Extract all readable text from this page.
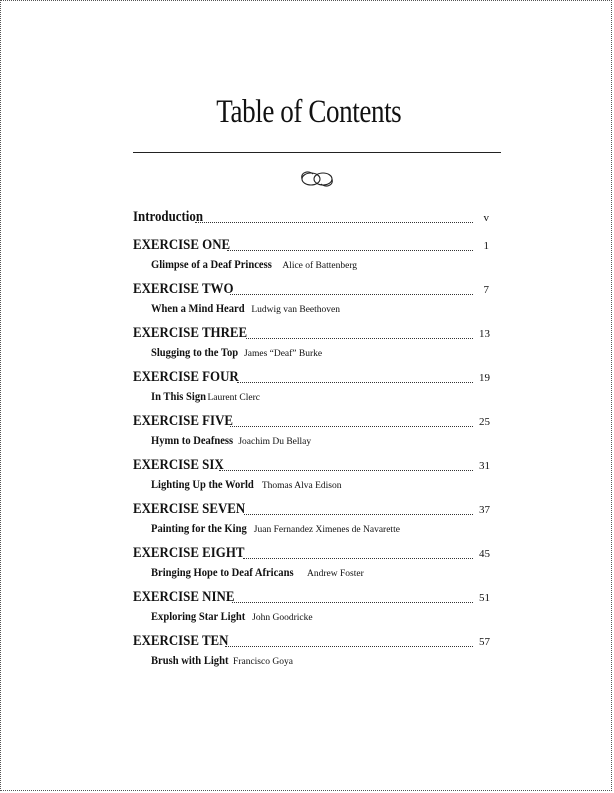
Table of Contents
Introduction	v
EXERCISE ONE	1
Glimpse of a Deaf Princess Alice of Battenberg
EXERCISE TWO	7
When a Mind Heard Ludwig van Beethoven
EXERCISE THREE	13
Slugging to the Top James “Deaf” Burke
EXERCISE FOUR	19
In This Sign Laurent Clerc
EXERCISE FIVE	25
Hymn to Deafness Joachim Du Bellay
EXERCISE SIX	31
Lighting Up the World Thomas Alva Edison
EXERCISE SEVEN	37
Painting for the King Juan Fernandez Ximenes de Navarette
EXERCISE EIGHT	45
Bringing Hope to Deaf Africans Andrew Foster
EXERCISE NINE	51
Exploring Star Light John Goodricke
EXERCISE TEN	57
Brush with Light Francisco Goya
